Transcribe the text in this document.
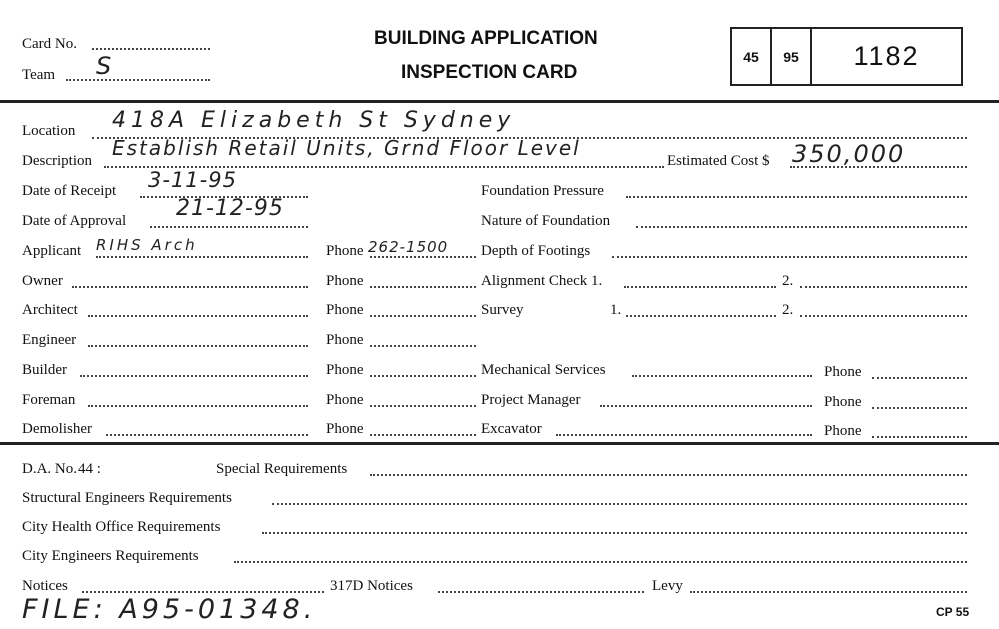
Card No.
Team S
BUILDING APPLICATION
INSPECTION CARD
45	95	1182
Location 418A Elizabeth St Sydney
Description
Establish Retail Units, Grnd Floor Level
Estimated Cost $ 350,000
Date of Receipt 3-11-95	Foundation Pressure
Date of Approval 21-12-95	Nature of Foundation
Applicant RIHS Arch	Phone 262-1500 Depth of Footings
Owner	Phone	Alignment Check 1.	2.
Architect	Phone	Survey	1.	2.
Engineer	Phone
Builder	Phone	Mechanical Services	Phone
Foreman	Phone	Project Manager	Phone
Demolisher	Phone	Excavator	Phone
D.A. No. 44 :	Special Requirements
Structural Engineers Requirements
City Health Office Requirements
City Engineers Requirements
Notices	317D Notices	Levy
FILE: A95-01348.	CP 55
